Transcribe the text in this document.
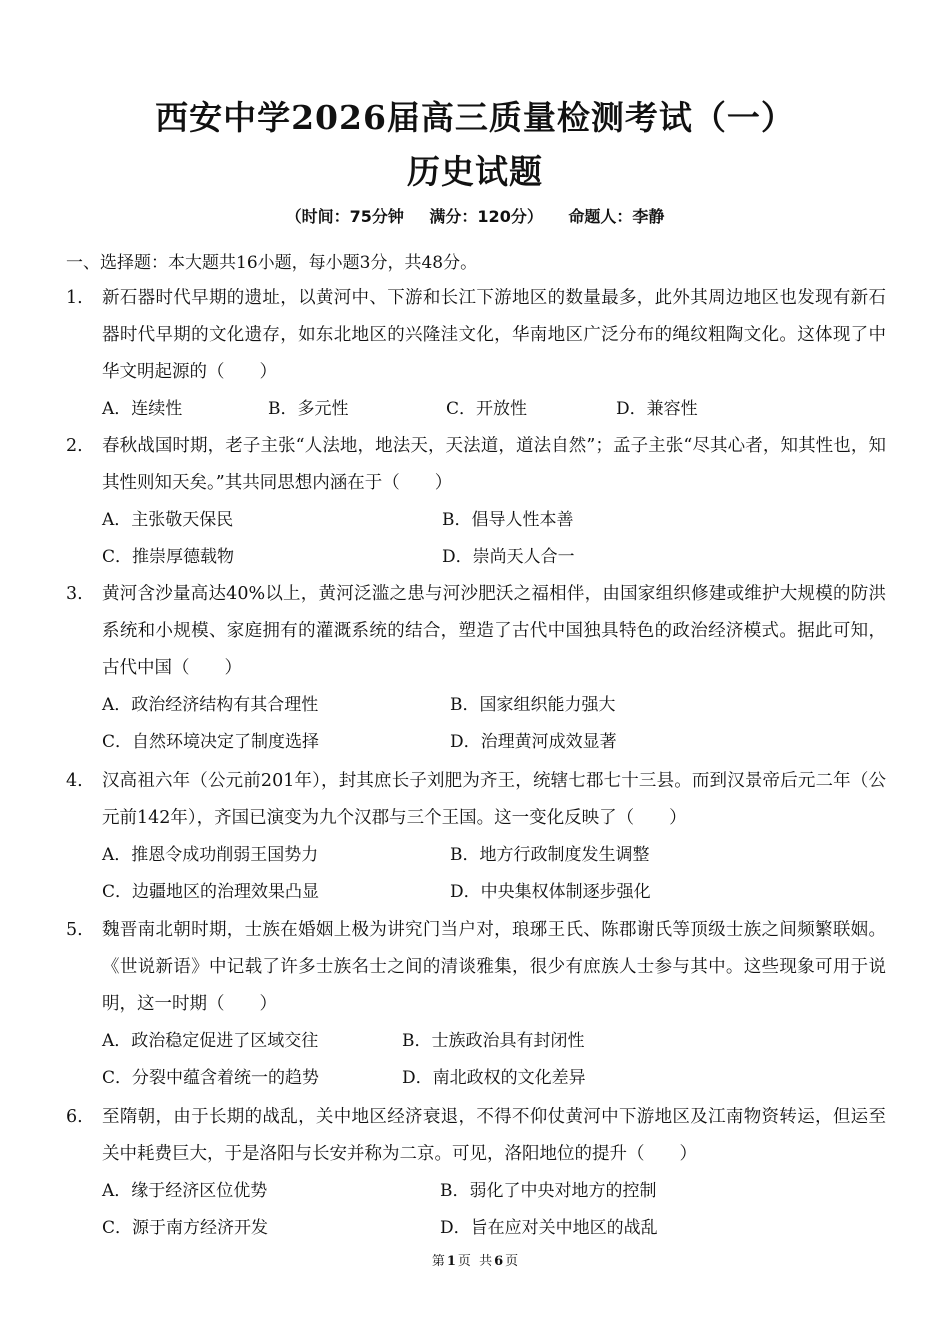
西安中学2026届高三质量检测考试（一）
历史试题
（时间：75分钟 满分：120分） 命题人：李静
一、选择题：本大题共16小题，每小题3分，共48分。
1. 新石器时代早期的遗址，以黄河中、下游和长江下游地区的数量最多，此外其周边地区也发现有新石器时代早期的文化遗存，如东北地区的兴隆洼文化，华南地区广泛分布的绳纹粗陶文化。这体现了中华文明起源的（　　）
A．连续性	B．多元性	C．开放性	D．兼容性
2. 春秋战国时期，老子主张“人法地，地法天，天法道，道法自然”；孟子主张“尽其心者，知其性也，知其性则知天矣。”其共同思想内涵在于（　　）
A．主张敬天保民	B．倡导人性本善
C．推崇厚德载物	D．崇尚天人合一
3. 黄河含沙量高达40%以上，黄河泛滥之患与河沙肥沃之福相伴，由国家组织修建或维护大规模的防洪系统和小规模、家庭拥有的灌溉系统的结合，塑造了古代中国独具特色的政治经济模式。据此可知，古代中国（　　）
A．政治经济结构有其合理性	B．国家组织能力强大
C．自然环境决定了制度选择	D．治理黄河成效显著
4. 汉高祖六年（公元前201年），封其庶长子刘肥为齐王，统辖七郡七十三县。而到汉景帝后元二年（公元前142年），齐国已演变为九个汉郡与三个王国。这一变化反映了（　　）
A．推恩令成功削弱王国势力	B．地方行政制度发生调整
C．边疆地区的治理效果凸显	D．中央集权体制逐步强化
5. 魏晋南北朝时期，士族在婚姻上极为讲究门当户对，琅琊王氏、陈郡谢氏等顶级士族之间频繁联姻。《世说新语》中记载了许多士族名士之间的清谈雅集，很少有庶族人士参与其中。这些现象可用于说明，这一时期（　　）
A．政治稳定促进了区域交往	B．士族政治具有封闭性
C．分裂中蕴含着统一的趋势	D．南北政权的文化差异
6. 至隋朝，由于长期的战乱，关中地区经济衰退，不得不仰仗黄河中下游地区及江南物资转运，但运至关中耗费巨大，于是洛阳与长安并称为二京。可见，洛阳地位的提升（　　）
A．缘于经济区位优势	B．弱化了中央对地方的控制
C．源于南方经济开发	D．旨在应对关中地区的战乱
第 1 页 共 6 页
